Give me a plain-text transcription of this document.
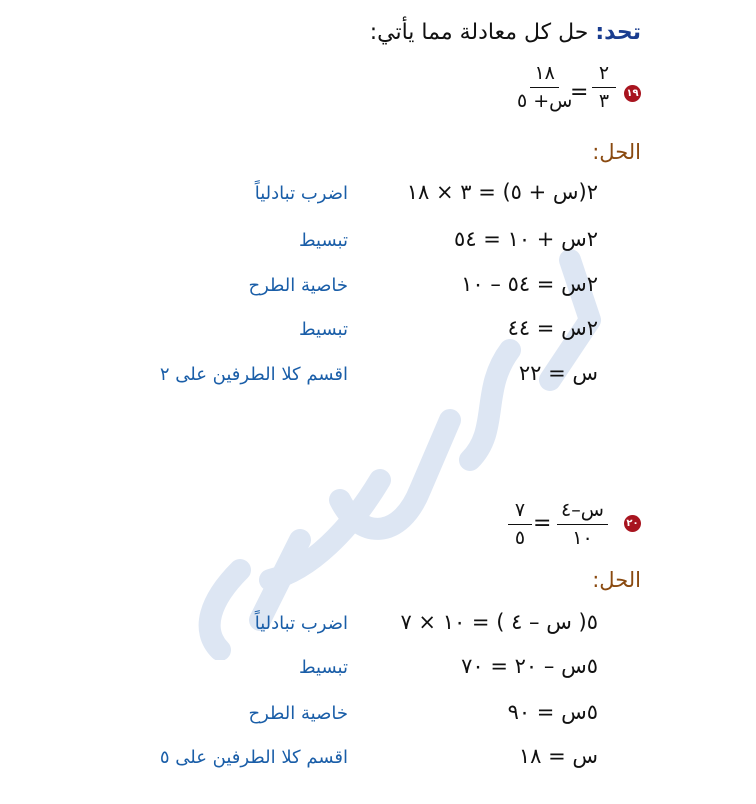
تحد: حل كل معادلة مما يأتي:
١٩
٢
٣
=
١٨
س+ ٥
الحل:
٢(س + ٥) = ٣ × ١٨
اضرب تبادلياً
٢س + ١٠ = ٥٤
تبسيط
٢س = ٥٤ – ١٠
خاصية الطرح
٢س = ٤٤
تبسيط
س = ٢٢
اقسم كلا الطرفين على ٢
٢٠
س–٤
١٠
=
٧
٥
الحل:
٥( س – ٤ ) = ١٠ × ٧
اضرب تبادلياً
٥س – ٢٠ = ٧٠
تبسيط
٥س = ٩٠
خاصية الطرح
س = ١٨
اقسم كلا الطرفين على ٥
